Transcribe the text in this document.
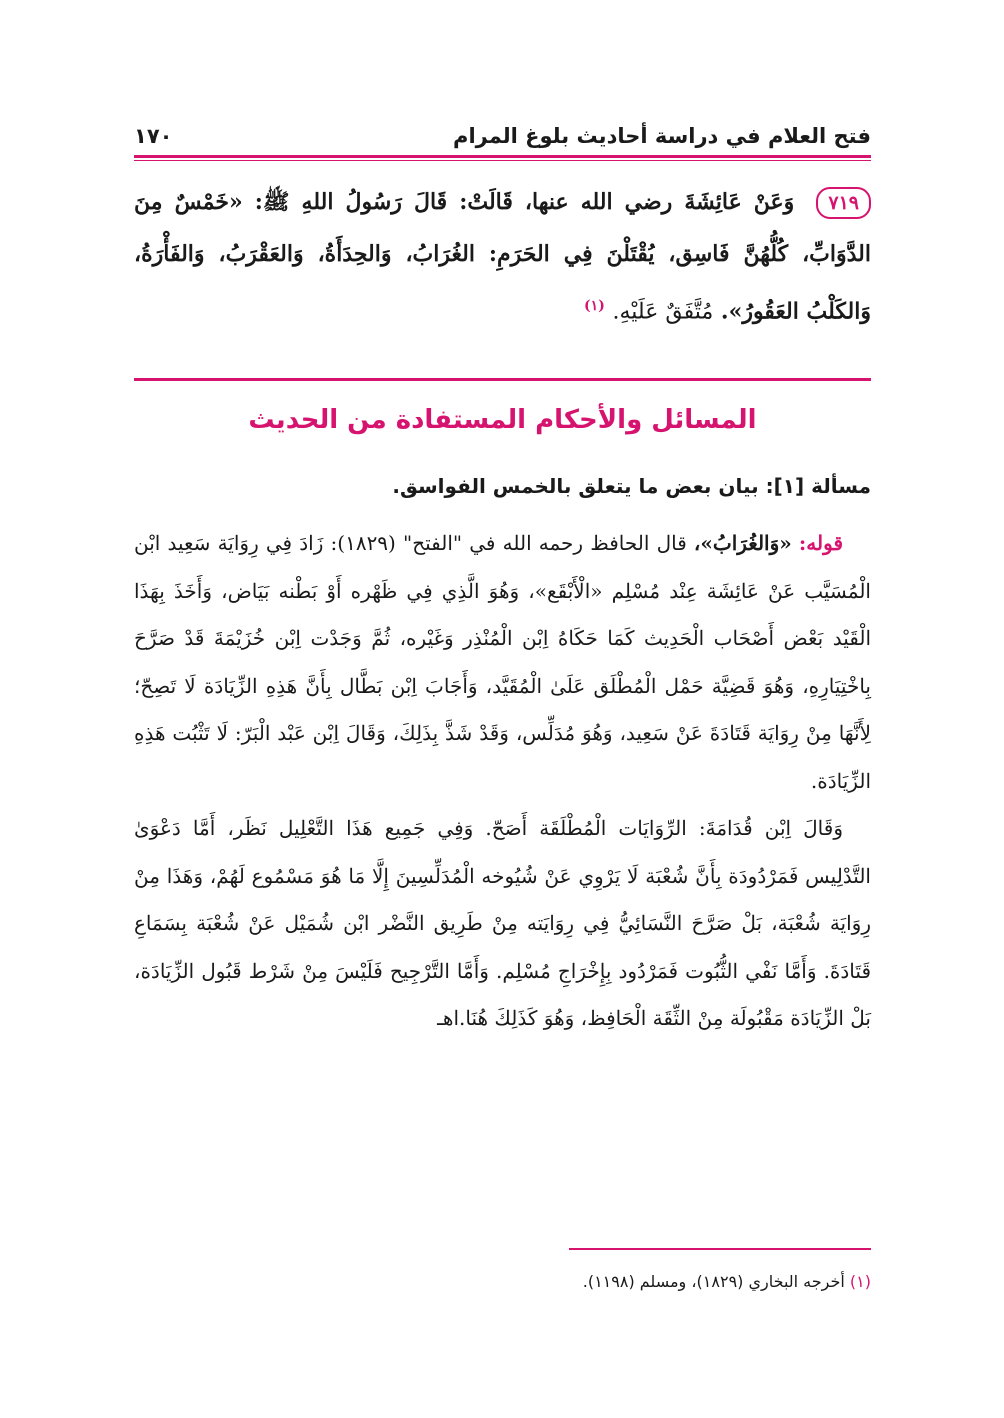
١٧٠	فتح العلام في دراسة أحاديث بلوغ المرام
٧١٩ وَعَنْ عَائِشَةَ رضي الله عنها، قَالَتْ: قَالَ رَسُولُ اللهِ ﷺ: «خَمْسٌ مِنَ الدَّوَابِّ، كُلُّهُنَّ فَاسِق، يُقْتَلْنَ فِي الحَرَمِ: الغُرَابُ، وَالحِدَأَةُ، وَالعَقْرَبُ، وَالفَأْرَةُ، وَالكَلْبُ العَقُورُ». مُتَّفَقٌ عَلَيْهِ. $^{(١)}$
المسائل والأحكام المستفادة من الحديث
مسألة [١]: بيان بعض ما يتعلق بالخمس الفواسق.

قوله: «وَالغُرَابُ»، قال الحافظ رحمه الله في "الفتح" (١٨٢٩): زَادَ فِي رِوَايَة سَعِيد ابْن الْمُسَيَّب عَنْ عَائِشَة عِنْد مُسْلِم «الْأَبْقَع»، وَهُوَ الَّذِي فِي ظَهْره أَوْ بَطْنه بَيَاض، وَأَخَذَ بِهَذَا الْقَيْد بَعْض أَصْحَاب الْحَدِيث كَمَا حَكَاهُ اِبْن الْمُنْذِر وَغَيْره، ثُمَّ وَجَدْت اِبْن خُزَيْمَةَ قَدْ صَرَّحَ بِاخْتِيَارِهِ، وَهُوَ قَضِيَّة حَمْل الْمُطْلَق عَلَىٰ الْمُقَيَّد، وَأَجَابَ اِبْن بَطَّال بِأَنَّ هَذِهِ الزِّيَادَة لَا تَصِحّ؛ لِأَنَّهَا مِنْ رِوَايَة قَتَادَةَ عَنْ سَعِيد، وَهُوَ مُدَلِّس، وَقَدْ شَذَّ بِذَلِكَ، وَقَالَ اِبْن عَبْد الْبَرّ: لَا تَثْبُت هَذِهِ الزِّيَادَة.

وَقَالَ اِبْن قُدَامَةَ: الرِّوَايَات الْمُطْلَقَة أَصَحّ. وَفِي جَمِيع هَذَا التَّعْلِيل نَظَر، أَمَّا دَعْوَىٰ التَّدْلِيس فَمَرْدُودَة بِأَنَّ شُعْبَة لَا يَرْوِي عَنْ شُيُوخه الْمُدَلِّسِينَ إِلَّا مَا هُوَ مَسْمُوع لَهُمْ، وَهَذَا مِنْ رِوَايَة شُعْبَة، بَلْ صَرَّحَ النَّسَائِيُّ فِي رِوَايَته مِنْ طَرِيق النَّضْر ابْن شُمَيْل عَنْ شُعْبَة بِسَمَاعِ قَتَادَةَ. وَأَمَّا نَفْي الثُّبُوت فَمَرْدُود بِإِخْرَاجِ مُسْلِم. وَأَمَّا التَّرْجِيح فَلَيْسَ مِنْ شَرْط قَبُول الزِّيَادَة، بَلْ الزِّيَادَة مَقْبُولَة مِنْ الثِّقَة الْحَافِظ، وَهُوَ كَذَلِكَ هُنَا.اهـ

(١) أخرجه البخاري (١٨٢٩)، ومسلم (١١٩٨).
